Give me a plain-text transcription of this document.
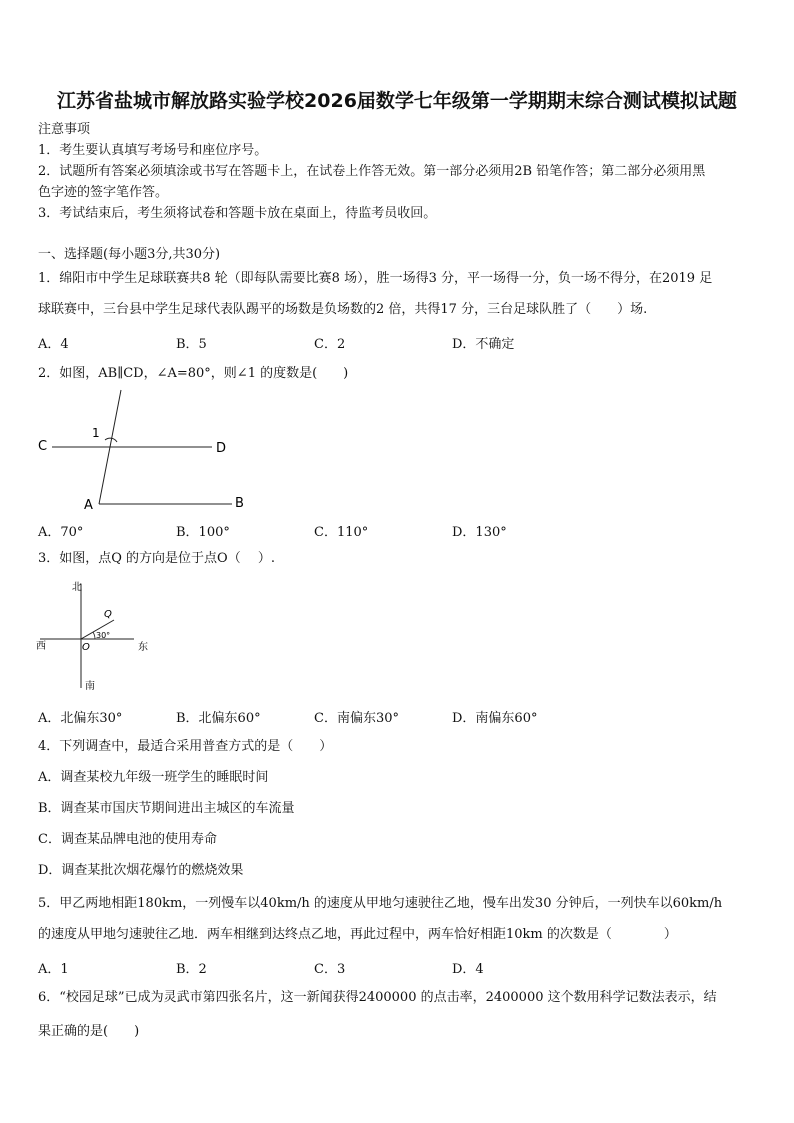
江苏省盐城市解放路实验学校2026届数学七年级第一学期期末综合测试模拟试题
注意事项
1．考生要认真填写考场号和座位序号。
2．试题所有答案必须填涂或书写在答题卡上，在试卷上作答无效。第一部分必须用2B 铅笔作答；第二部分必须用黑
色字迹的签字笔作答。
3．考试结束后，考生须将试卷和答题卡放在桌面上，待监考员收回。
一、选择题(每小题3分,共30分)
1．绵阳市中学生足球联赛共8 轮（即每队需要比赛8 场），胜一场得3 分，平一场得一分，负一场不得分，在2019 足
球联赛中，三台县中学生足球代表队踢平的场数是负场数的2 倍，共得17 分，三台足球队胜了（　　）场.
A．4	B．5	C．2	D．不确定
2．如图，AB∥CD，∠A=80°，则∠1 的度数是(　　)
C	D
A	B
1
A．70°	B．100°	C．110°	D．130°
3．如图，点Q 的方向是位于点O（　 ）.
北
南
西	东
O
Q
30°
A．北偏东30°	B．北偏东60°	C．南偏东30°	D．南偏东60°
4．下列调查中，最适合采用普查方式的是（　　）
A．调查某校九年级一班学生的睡眠时间
B．调查某市国庆节期间进出主城区的车流量
C．调查某品牌电池的使用寿命
D．调查某批次烟花爆竹的燃烧效果
5．甲乙两地相距180km，一列慢车以40km/h 的速度从甲地匀速驶往乙地，慢车出发30 分钟后，一列快车以60km/h
的速度从甲地匀速驶往乙地．两车相继到达终点乙地，再此过程中，两车恰好相距10km 的次数是（　　　　）
A．1	B．2	C．3	D．4
6．“校园足球”已成为灵武市第四张名片，这一新闻获得2400000 的点击率，2400000 这个数用科学记数法表示，结
果正确的是(　　)
